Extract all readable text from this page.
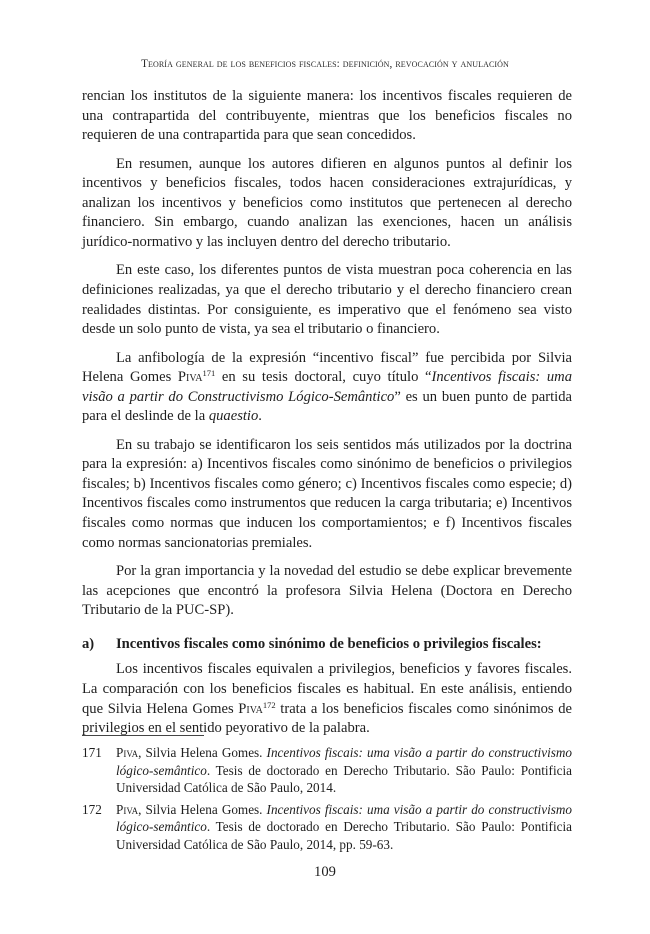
Teoría general de los beneficios fiscales: definición, revocación y anulación

rencian los institutos de la siguiente manera: los incentivos fiscales requieren de una contrapartida del contribuyente, mientras que los beneficios fiscales no requieren de una contrapartida para que sean concedidos.

En resumen, aunque los autores difieren en algunos puntos al definir los incentivos y beneficios fiscales, todos hacen consideraciones extrajurídicas, y analizan los incentivos y beneficios como institutos que pertenecen al derecho financiero. Sin embargo, cuando analizan las exenciones, hacen un análisis jurídico-normativo y las incluyen dentro del derecho tributario.

En este caso, los diferentes puntos de vista muestran poca coherencia en las definiciones realizadas, ya que el derecho tributario y el derecho financiero crean realidades distintas. Por consiguiente, es imperativo que el fenómeno sea visto desde un solo punto de vista, ya sea el tributario o financiero.

La anfibología de la expresión “incentivo fiscal” fue percibida por Silvia Helena Gomes Piva$^{171}$ en su tesis doctoral, cuyo título “Incentivos fiscais: uma visão a partir do Constructivismo Lógico-Semântico” es un buen punto de partida para el deslinde de la quaestio.

En su trabajo se identificaron los seis sentidos más utilizados por la doctrina para la expresión: a) Incentivos fiscales como sinónimo de beneficios o privilegios fiscales; b) Incentivos fiscales como género; c) Incentivos fiscales como especie; d) Incentivos fiscales como instrumentos que reducen la carga tributaria; e) Incentivos fiscales como normas que inducen los comportamientos; e f) Incentivos fiscales como normas sancionatorias premiales.

Por la gran importancia y la novedad del estudio se debe explicar brevemente las acepciones que encontró la profesora Silvia Helena (Doctora en Derecho Tributario de la PUC-SP).

a)	Incentivos fiscales como sinónimo de beneficios o privilegios fiscales:

Los incentivos fiscales equivalen a privilegios, beneficios y favores fiscales. La comparación con los beneficios fiscales es habitual. En este análisis, entiendo que Silvia Helena Gomes Piva$^{172}$ trata a los beneficios fiscales como sinónimos de privilegios en el sentido peyorativo de la palabra.

171	Piva, Silvia Helena Gomes. Incentivos fiscais: uma visão a partir do constructivismo lógico-semântico. Tesis de doctorado en Derecho Tributario. São Paulo: Pontificia Universidad Católica de São Paulo, 2014.
172	Piva, Silvia Helena Gomes. Incentivos fiscais: uma visão a partir do constructivismo lógico-semântico. Tesis de doctorado en Derecho Tributario. São Paulo: Pontificia Universidad Católica de São Paulo, 2014, pp. 59-63.
109
